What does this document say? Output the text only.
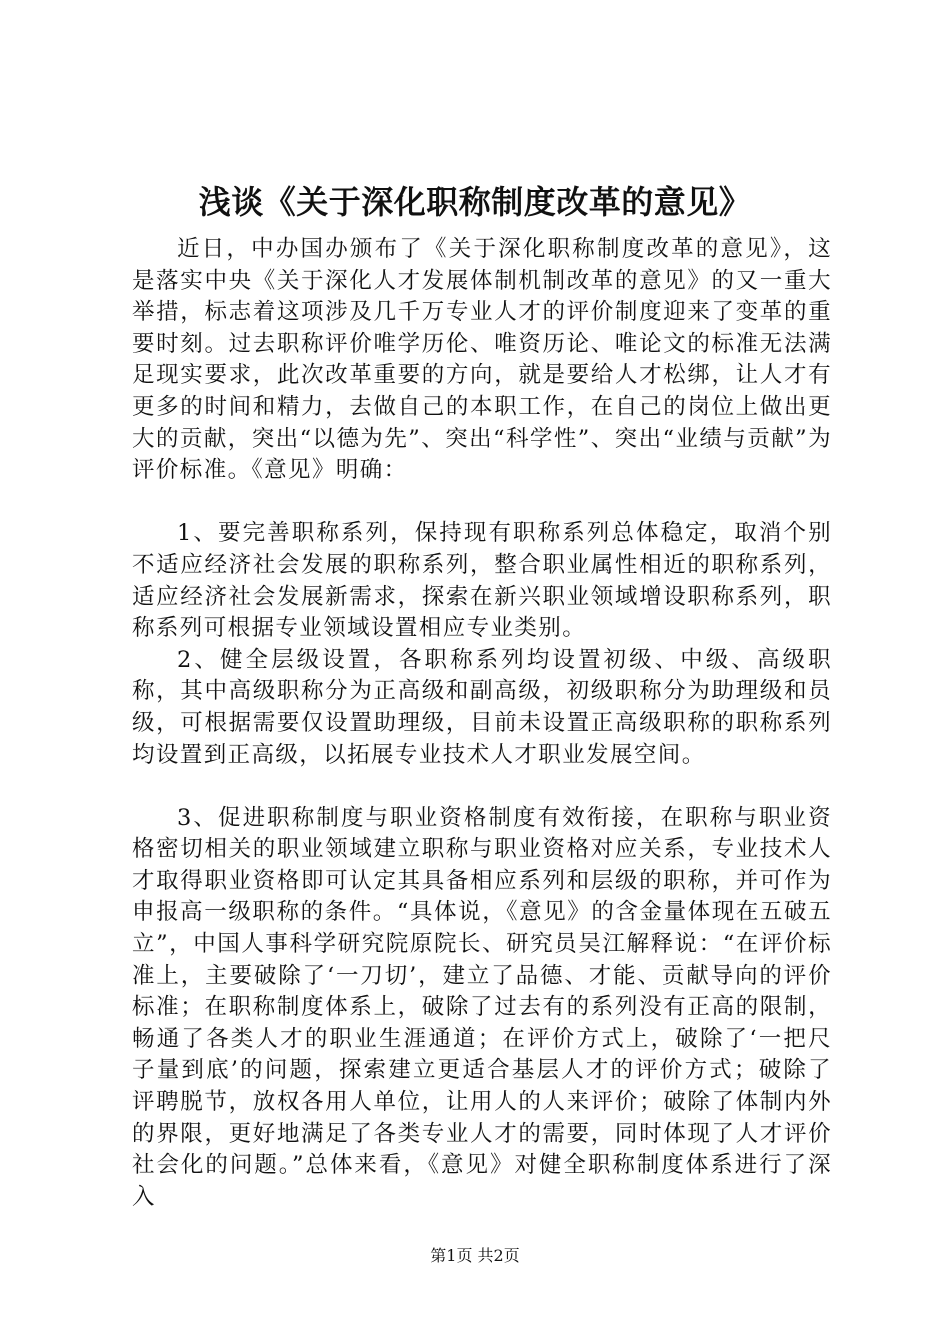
浅谈《关于深化职称制度改革的意见》

近日，中办国办颁布了《关于深化职称制度改革的意见》，这是落实中央《关于深化人才发展体制机制改革的意见》的又一重大举措，标志着这项涉及几千万专业人才的评价制度迎来了变革的重要时刻。过去职称评价唯学历伦、唯资历论、唯论文的标准无法满足现实要求，此次改革重要的方向，就是要给人才松绑，让人才有更多的时间和精力，去做自己的本职工作，在自己的岗位上做出更大的贡献，突出“以德为先”、突出“科学性”、突出“业绩与贡献”为评价标准。《意见》明确：

1、要完善职称系列，保持现有职称系列总体稳定，取消个别不适应经济社会发展的职称系列，整合职业属性相近的职称系列，适应经济社会发展新需求，探索在新兴职业领域增设职称系列，职称系列可根据专业领域设置相应专业类别。

2、健全层级设置，各职称系列均设置初级、中级、高级职称，其中高级职称分为正高级和副高级，初级职称分为助理级和员级，可根据需要仅设置助理级，目前未设置正高级职称的职称系列均设置到正高级，以拓展专业技术人才职业发展空间。

3、促进职称制度与职业资格制度有效衔接，在职称与职业资格密切相关的职业领域建立职称与职业资格对应关系，专业技术人才取得职业资格即可认定其具备相应系列和层级的职称，并可作为申报高一级职称的条件。“具体说，《意见》的含金量体现在五破五立”，中国人事科学研究院原院长、研究员吴江解释说：“在评价标准上，主要破除了‘一刀切’，建立了品德、才能、贡献导向的评价标准；在职称制度体系上，破除了过去有的系列没有正高的限制，畅通了各类人才的职业生涯通道；在评价方式上，破除了‘一把尺子量到底’的问题，探索建立更适合基层人才的评价方式；破除了评聘脱节，放权各用人单位，让用人的人来评价；破除了体制内外的界限，更好地满足了各类专业人才的需要，同时体现了人才评价社会化的问题。”总体来看，《意见》对健全职称制度体系进行了深入

第1页 共2页
